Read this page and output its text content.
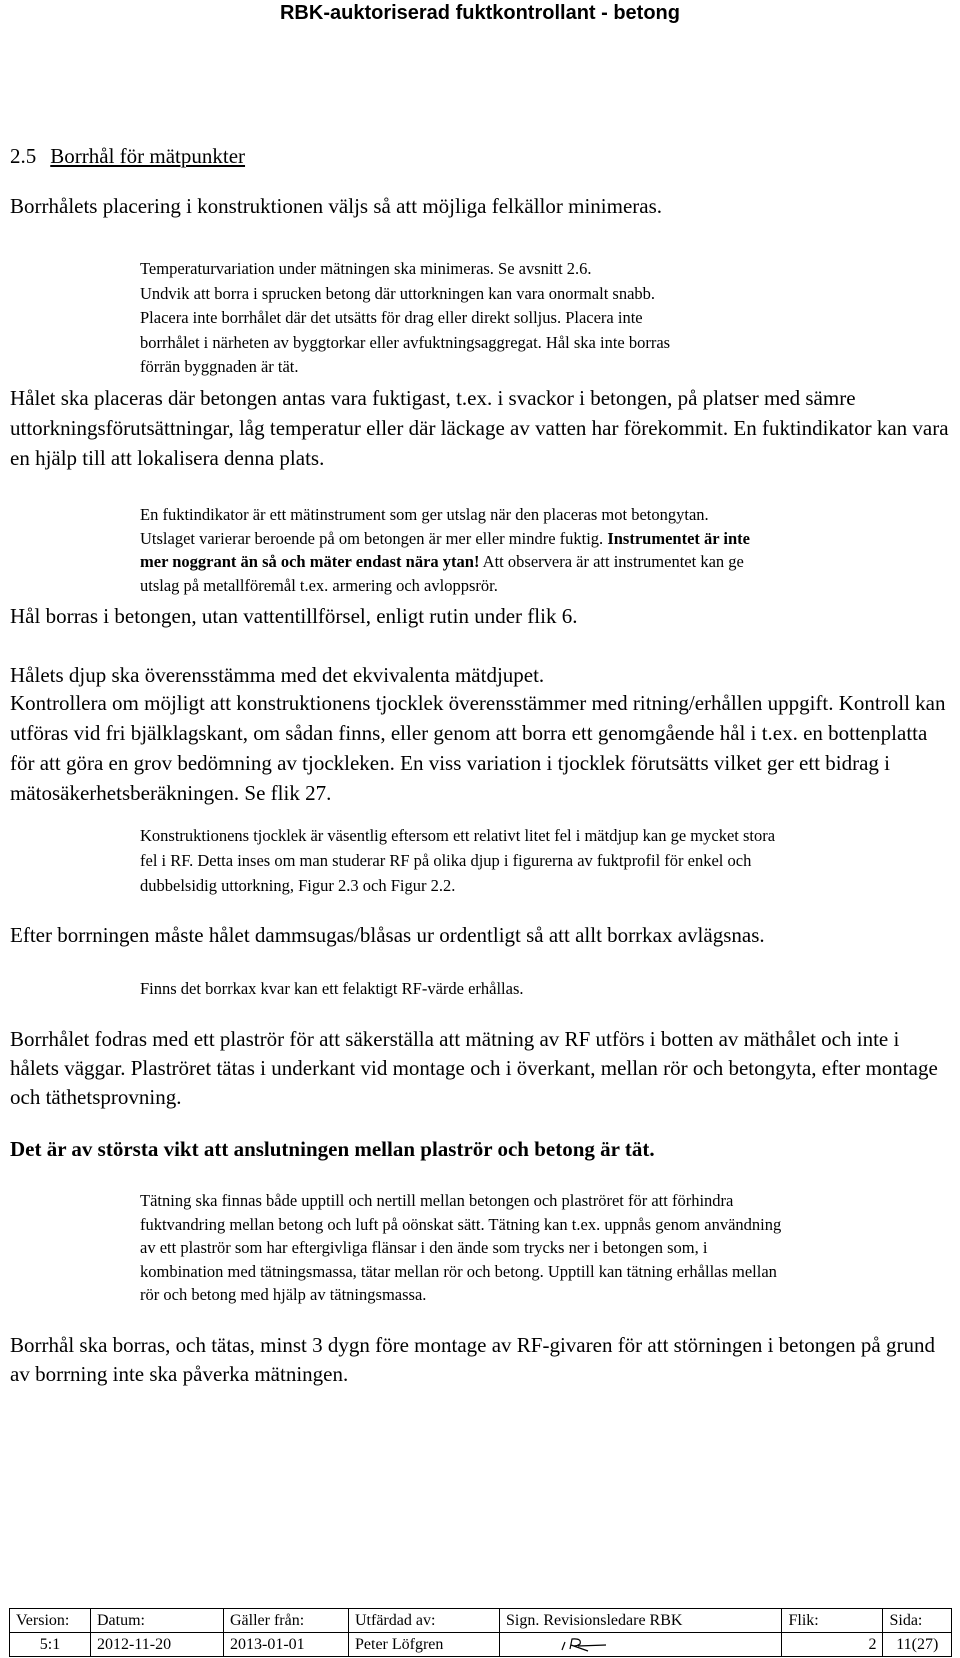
RBK-auktoriserad fuktkontrollant - betong
2.5 Borrhål för mätpunkter

Borrhålets placering i konstruktionen väljs så att möjliga felkällor minimeras.

Temperaturvariation under mätningen ska minimeras. Se avsnitt 2.6.
Undvik att borra i sprucken betong där uttorkningen kan vara onormalt snabb.
Placera inte borrhålet där det utsätts för drag eller direkt solljus. Placera inte
borrhålet i närheten av byggtorkar eller avfuktningsaggregat. Hål ska inte borras
förrän byggnaden är tät.

Hålet ska placeras där betongen antas vara fuktigast, t.ex. i svackor i betongen, på platser med sämre uttorkningsförutsättningar, låg temperatur eller där läckage av vatten har förekommit. En fuktindikator kan vara en hjälp till att lokalisera denna plats.

En fuktindikator är ett mätinstrument som ger utslag när den placeras mot betongytan.
Utslaget varierar beroende på om betongen är mer eller mindre fuktig. Instrumentet är inte
mer noggrant än så och mäter endast nära ytan! Att observera är att instrumentet kan ge
utslag på metallföremål t.ex. armering och avloppsrör.

Hål borras i betongen, utan vattentillförsel, enligt rutin under flik 6.

Hålets djup ska överensstämma med det ekvivalenta mätdjupet.

Kontrollera om möjligt att konstruktionens tjocklek överensstämmer med ritning/erhållen uppgift. Kontroll kan utföras vid fri bjälklagskant, om sådan finns, eller genom att borra ett genomgående hål i t.ex. en bottenplatta för att göra en grov bedömning av tjockleken. En viss variation i tjocklek förutsätts vilket ger ett bidrag i mätosäkerhetsberäkningen. Se flik 27.

Konstruktionens tjocklek är väsentlig eftersom ett relativt litet fel i mätdjup kan ge mycket stora
fel i RF. Detta inses om man studerar RF på olika djup i figurerna av fuktprofil för enkel och
dubbelsidig uttorkning, Figur 2.3 och Figur 2.2.

Efter borrningen måste hålet dammsugas/blåsas ur ordentligt så att allt borrkax avlägsnas.

Finns det borrkax kvar kan ett felaktigt RF-värde erhållas.

Borrhålet fodras med ett plaströr för att säkerställa att mätning av RF utförs i botten av mäthålet och inte i hålets väggar. Plaströret tätas i underkant vid montage och i överkant, mellan rör och betongyta, efter montage och täthetsprovning.

Det är av största vikt att anslutningen mellan plaströr och betong är tät.

Tätning ska finnas både upptill och nertill mellan betongen och plaströret för att förhindra
fuktvandring mellan betong och luft på oönskat sätt. Tätning kan t.ex. uppnås genom användning
av ett plaströr som har eftergivliga flänsar i den ände som trycks ner i betongen som, i
kombination med tätningsmassa, tätar mellan rör och betong. Upptill kan tätning erhållas mellan
rör och betong med hjälp av tätningsmassa.

Borrhål ska borras, och tätas, minst 3 dygn före montage av RF-givaren för att störningen i betongen på grund av borrning inte ska påverka mätningen.

Version:	Datum:	Gäller från:	Utfärdad av:	Sign. Revisionsledare RBK	Flik:	Sida:
5:1	2012-11-20	2013-01-01	Peter Löfgren		2	11(27)
